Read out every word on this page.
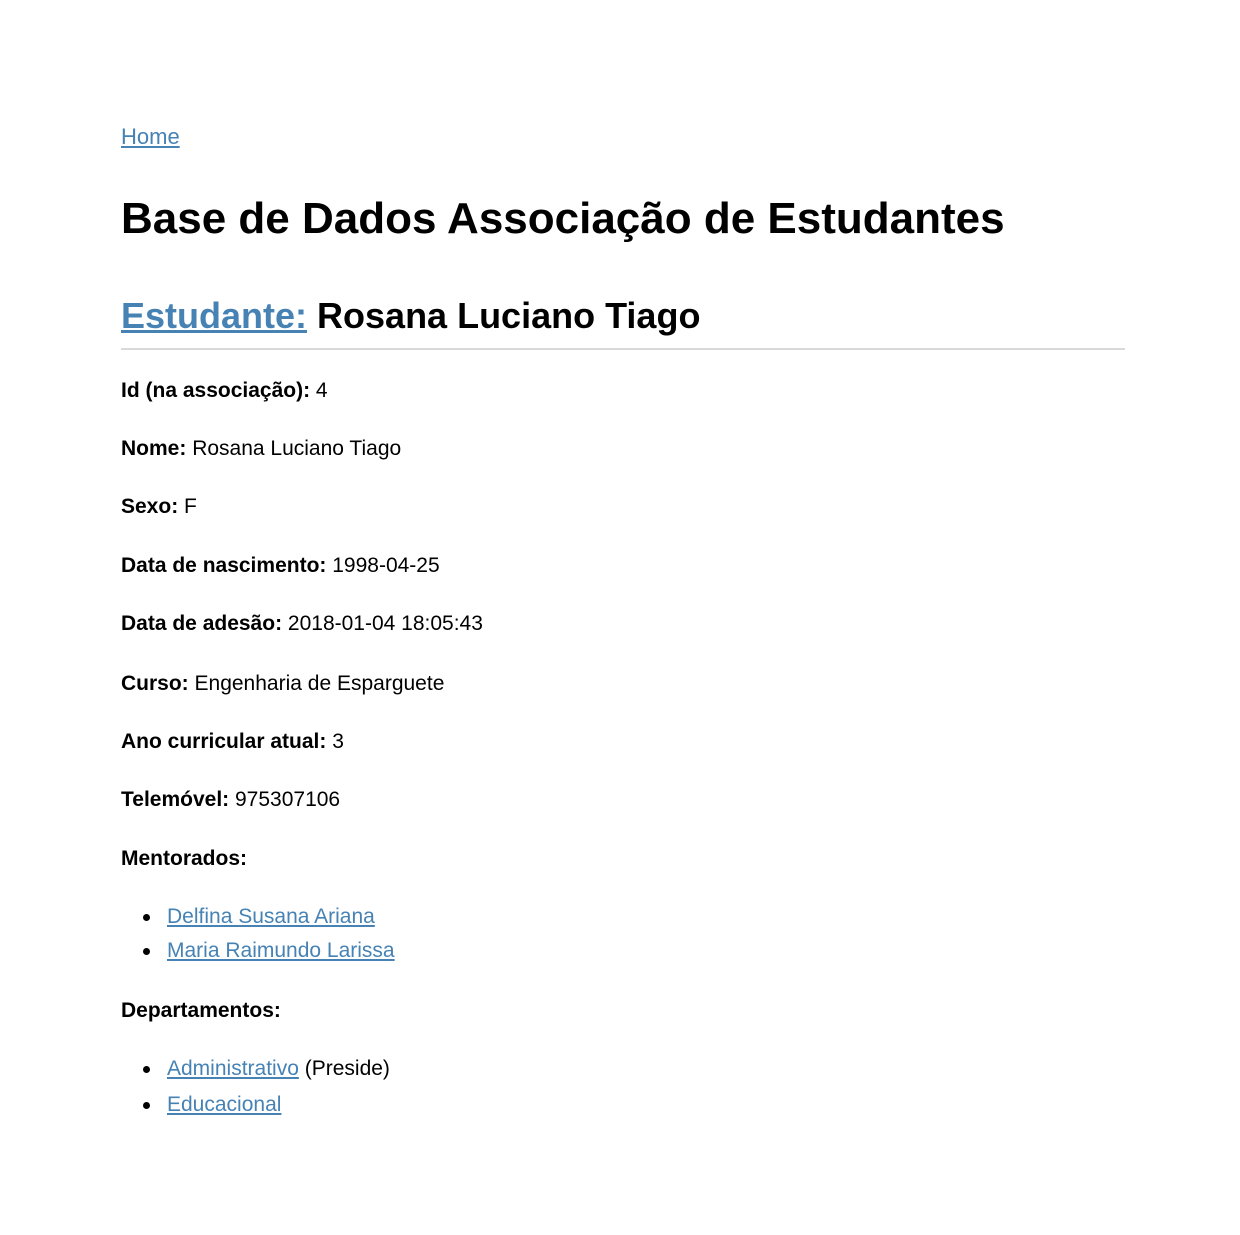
Home
Base de Dados Associação de Estudantes
Estudante: Rosana Luciano Tiago
Id (na associação): 4
Nome: Rosana Luciano Tiago
Sexo: F
Data de nascimento: 1998-04-25
Data de adesão: 2018-01-04 18:05:43
Curso: Engenharia de Esparguete
Ano curricular atual: 3
Telemóvel: 975307106
Mentorados:
Delfina Susana Ariana
Maria Raimundo Larissa
Departamentos:
Administrativo (Preside)
Educacional
